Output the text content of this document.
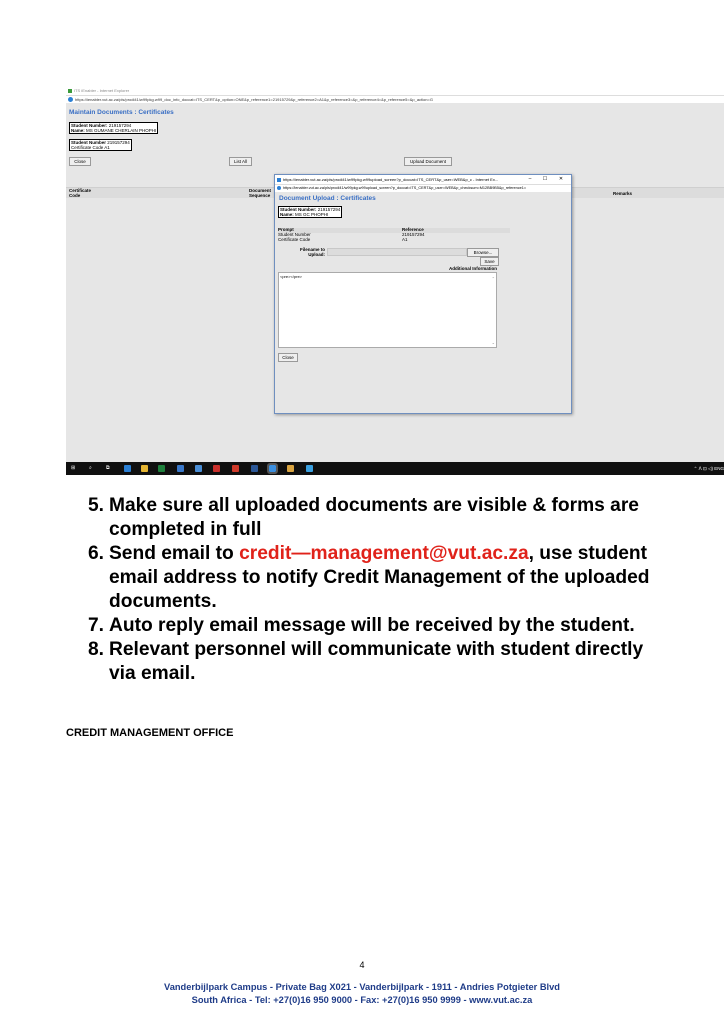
ITS iEnabler - Internet Explorer
https://ienabler.vut.ac.za/pls/prodi41/w99pkg.w99_doc_info_doccat=ITS_CERT&p_option=ONE&p_reference1=21915729&p_reference2=A1&p_reference3=&p_reference4=&p_reference5=&p_action=G
Maintain Documents : Certificates
Student Number: 219157294
Name: MS GUMANE CHERLAIN PHOPHI
Student Number 219157294
Certificate Code A1
Close	List All	Upload Document
Certificate
Code
Document
Sequence	Remarks
https://ienabler.vut.ac.za/pls/prodi41/w99pkg.w99upload_screen?p_doccat=ITS_CERT&p_user=WEB&p_c - Internet Ex...	–	☐	✕
https://ienabler.vut.ac.za/pls/prodi41/w99pkg.w99upload_screen?p_doccat=ITS_CERT&p_user=WEB&p_checksum=M12BB9B5&p_reference1=
Document Upload : Certificates
Student Number: 219157294
Name: MS GC PHOPHI
Prompt	Reference
Student Number	219157294
Certificate Code	A1
Filename to
Upload:	Browse...
Save
Additional Information
<pre></pre>	⌃
⌄
Close
⊞	⌕	⧉	⌃ ᐱ ⊡ ◁) ENG
5. Make sure all uploaded documents are visible & forms are
completed in full
6. Send email to credit—management@vut.ac.za, use student
email address to notify Credit Management of the uploaded
documents.
7. Auto reply email message will be received by the student.
8. Relevant personnel will communicate with student directly
via email.
CREDIT MANAGEMENT OFFICE
4
Vanderbijlpark Campus - Private Bag X021 - Vanderbijlpark - 1911 - Andries Potgieter Blvd
South Africa - Tel: +27(0)16 950 9000 - Fax: +27(0)16 950 9999 - www.vut.ac.za
